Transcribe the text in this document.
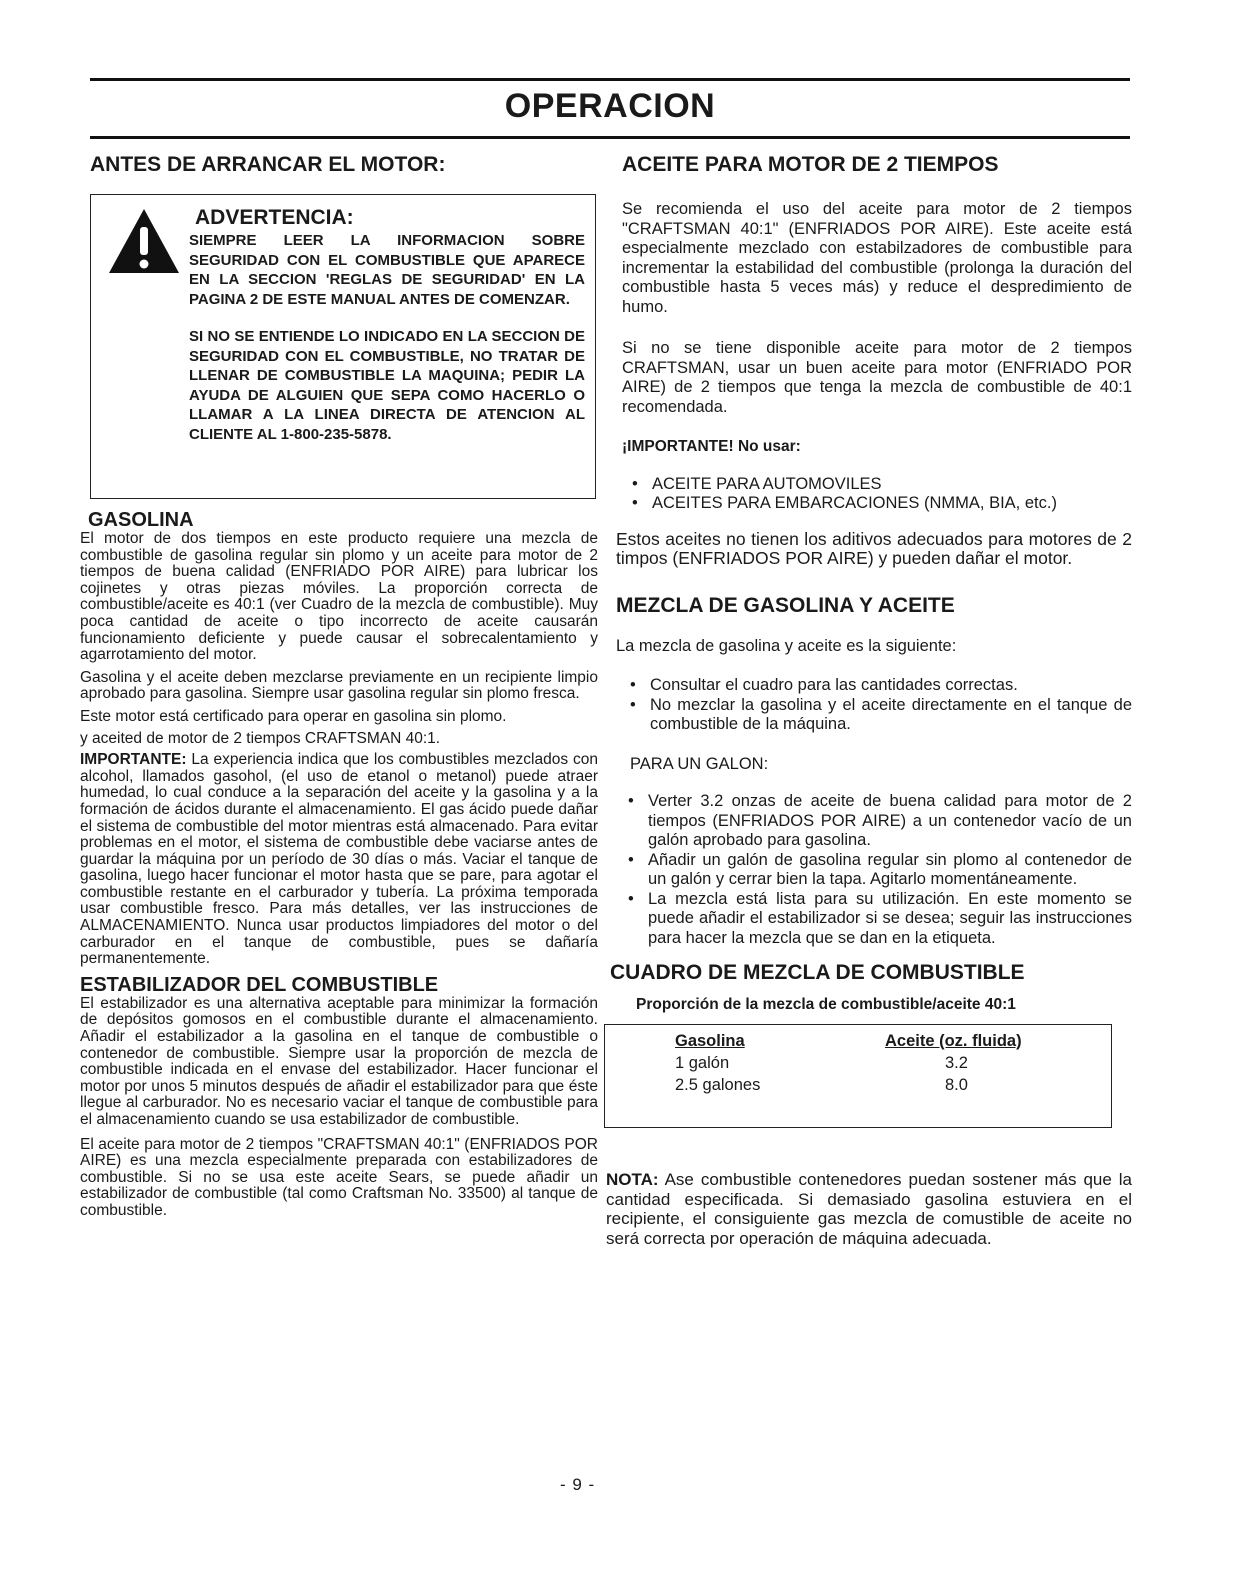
OPERACION
ANTES DE ARRANCAR EL MOTOR:
ADVERTENCIA:

SIEMPRE LEER LA INFORMACION SOBRE SEGURIDAD CON EL COMBUSTIBLE QUE APARECE EN LA SECCION 'REGLAS DE SEGURIDAD' EN LA PAGINA 2 DE ESTE MANUAL ANTES DE COMENZAR.

SI NO SE ENTIENDE LO INDICADO EN LA SECCION DE SEGURIDAD CON EL COMBUSTIBLE, NO TRATAR DE LLENAR DE COMBUSTIBLE LA MAQUINA; PEDIR LA AYUDA DE ALGUIEN QUE SEPA COMO HACERLO O LLAMAR A LA LINEA DIRECTA DE ATENCION AL CLIENTE AL 1-800-235-5878.

GASOLINA

El motor de dos tiempos en este producto requiere una mezcla de combustible de gasolina regular sin plomo y un aceite para motor de 2 tiempos de buena calidad (ENFRIADO POR AIRE) para lubricar los cojinetes y otras piezas móviles. La proporción correcta de combustible/aceite es 40:1 (ver Cuadro de la mezcla de combustible). Muy poca cantidad de aceite o tipo incorrecto de aceite causarán funcionamiento deficiente y puede causar el sobrecalentamiento y agarrotamiento del motor.

Gasolina y el aceite deben mezclarse previamente en un recipiente limpio aprobado para gasolina. Siempre usar gasolina regular sin plomo fresca.

Este motor está certificado para operar en gasolina sin plomo.

y aceited de motor de 2 tiempos CRAFTSMAN 40:1.

IMPORTANTE: La experiencia indica que los combustibles mezclados con alcohol, llamados gasohol, (el uso de etanol o metanol) puede atraer humedad, lo cual conduce a la separación del aceite y la gasolina y a la formación de ácidos durante el almacenamiento. El gas ácido puede dañar el sistema de combustible del motor mientras está almacenado. Para evitar problemas en el motor, el sistema de combustible debe vaciarse antes de guardar la máquina por un período de 30 días o más. Vaciar el tanque de gasolina, luego hacer funcionar el motor hasta que se pare, para agotar el combustible restante en el carburador y tubería. La próxima temporada usar combustible fresco. Para más detalles, ver las instrucciones de ALMACENAMIENTO. Nunca usar productos limpiadores del motor o del carburador en el tanque de combustible, pues se dañaría permanentemente.

ESTABILIZADOR DEL COMBUSTIBLE

El estabilizador es una alternativa aceptable para minimizar la formación de depósitos gomosos en el combustible durante el almacenamiento. Añadir el estabilizador a la gasolina en el tanque de combustible o contenedor de combustible. Siempre usar la proporción de mezcla de combustible indicada en el envase del estabilizador. Hacer funcionar el motor por unos 5 minutos después de añadir el estabilizador para que éste llegue al carburador. No es necesario vaciar el tanque de combustible para el almacenamiento cuando se usa estabilizador de combustible.

El aceite para motor de 2 tiempos "CRAFTSMAN 40:1" (ENFRIADOS POR AIRE) es una mezcla especialmente preparada con estabilizadores de combustible. Si no se usa este aceite Sears, se puede añadir un estabilizador de combustible (tal como Craftsman No. 33500) al tanque de combustible.

ACEITE PARA MOTOR DE 2 TIEMPOS

Se recomienda el uso del aceite para motor de 2 tiempos "CRAFTSMAN 40:1" (ENFRIADOS POR AIRE). Este aceite está especialmente mezclado con estabilzadores de combustible para incrementar la estabilidad del combustible (prolonga la duración del combustible hasta 5 veces más) y reduce el despredimiento de humo.

Si no se tiene disponible aceite para motor de 2 tiempos CRAFTSMAN, usar un buen aceite para motor (ENFRIADO POR AIRE) de 2 tiempos que tenga la mezcla de combustible de 40:1 recomendada.

¡IMPORTANTE! No usar:

• ACEITE PARA AUTOMOVILES
• ACEITES PARA EMBARCACIONES (NMMA, BIA, etc.)

Estos aceites no tienen los aditivos adecuados para motores de 2 timpos (ENFRIADOS POR AIRE) y pueden dañar el motor.

MEZCLA DE GASOLINA Y ACEITE

La mezcla de gasolina y aceite es la siguiente:

• Consultar el cuadro para las cantidades correctas.
• No mezclar la gasolina y el aceite directamente en el tanque de combustible de la máquina.

PARA UN GALON:

• Verter 3.2 onzas de aceite de buena calidad para motor de 2 tiempos (ENFRIADOS POR AIRE) a un contenedor vacío de un galón aprobado para gasolina.
• Añadir un galón de gasolina regular sin plomo al contenedor de un galón y cerrar bien la tapa. Agitarlo momentáneamente.
• La mezcla está lista para su utilización. En este momento se puede añadir el estabilizador si se desea; seguir las instrucciones para hacer la mezcla que se dan en la etiqueta.
CUADRO DE MEZCLA DE COMBUSTIBLE

Proporción de la mezcla de combustible/aceite 40:1

Gasolina	Aceite (oz. fluida)
1 galón	3.2
2.5 galones	8.0

NOTA: Ase combustible contenedores puedan sostener más que la cantidad especificada. Si demasiado gasolina estuviera en el recipiente, el consiguiente gas mezcla de comustible de aceite no será correcta por operación de máquina adecuada.

- 9 -
